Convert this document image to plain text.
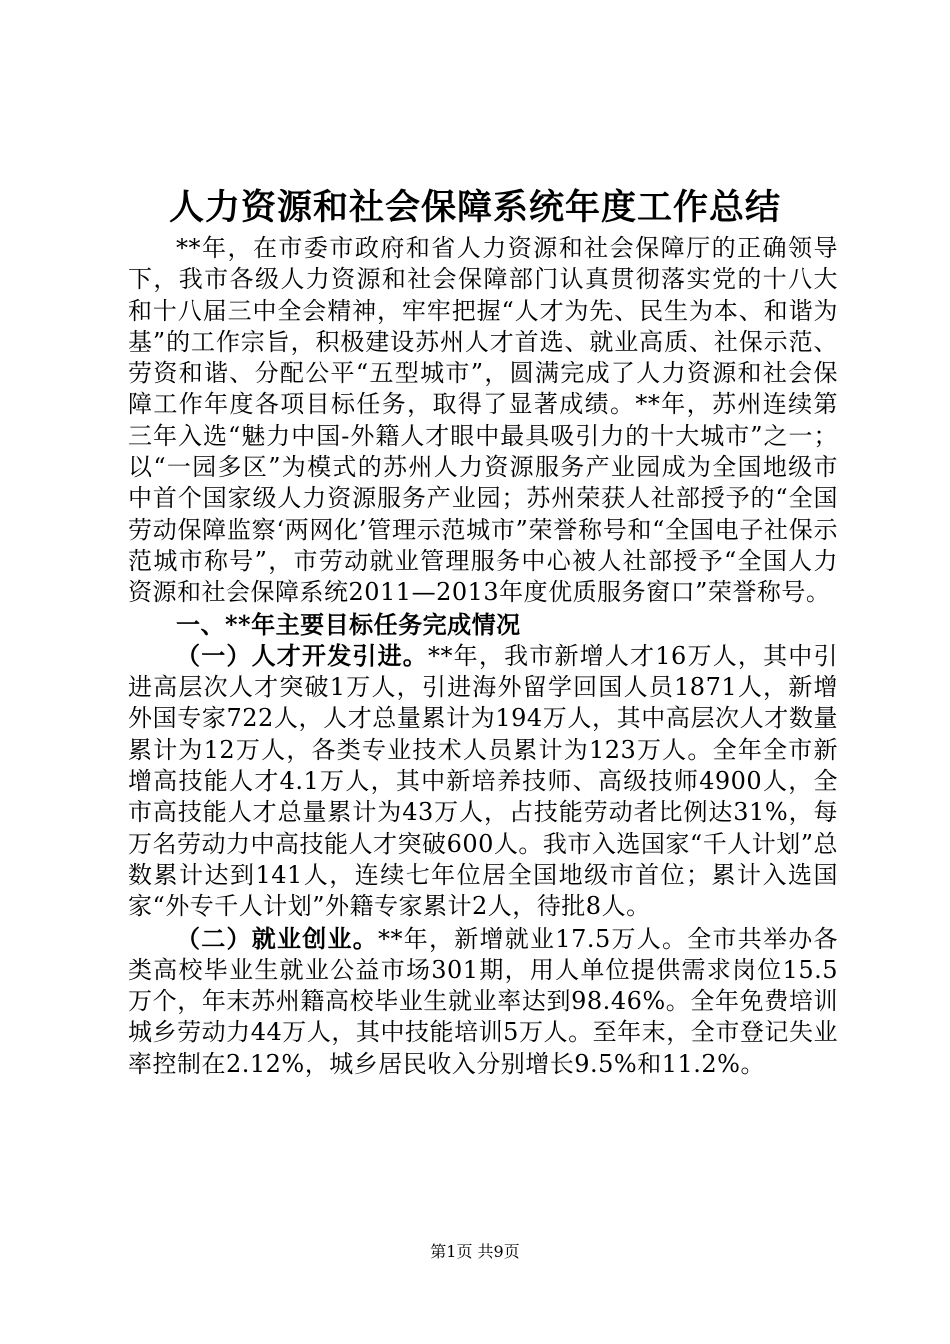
人力资源和社会保障系统年度工作总结

**年，在市委市政府和省人力资源和社会保障厅的正确领导下，我市各级人力资源和社会保障部门认真贯彻落实党的十八大和十八届三中全会精神，牢牢把握“人才为先、民生为本、和谐为基”的工作宗旨，积极建设苏州人才首选、就业高质、社保示范、劳资和谐、分配公平“五型城市”，圆满完成了人力资源和社会保障工作年度各项目标任务，取得了显著成绩。**年，苏州连续第三年入选“魅力中国-外籍人才眼中最具吸引力的十大城市”之一；以“一园多区”为模式的苏州人力资源服务产业园成为全国地级市中首个国家级人力资源服务产业园；苏州荣获人社部授予的“全国劳动保障监察‘两网化’管理示范城市”荣誉称号和“全国电子社保示范城市称号”，市劳动就业管理服务中心被人社部授予“全国人力资源和社会保障系统2011—2013年度优质服务窗口”荣誉称号。

一、**年主要目标任务完成情况

（一）人才开发引进。**年，我市新增人才16万人，其中引进高层次人才突破1万人，引进海外留学回国人员1871人，新增外国专家722人，人才总量累计为194万人，其中高层次人才数量累计为12万人，各类专业技术人员累计为123万人。全年全市新增高技能人才4.1万人，其中新培养技师、高级技师4900人，全市高技能人才总量累计为43万人，占技能劳动者比例达31%，每万名劳动力中高技能人才突破600人。我市入选国家“千人计划”总数累计达到141人，连续七年位居全国地级市首位；累计入选国家“外专千人计划”外籍专家累计2人，待批8人。

（二）就业创业。**年，新增就业17.5万人。全市共举办各类高校毕业生就业公益市场301期，用人单位提供需求岗位15.5万个，年末苏州籍高校毕业生就业率达到98.46%。全年免费培训城乡劳动力44万人，其中技能培训5万人。至年末，全市登记失业率控制在2.12%，城乡居民收入分别增长9.5%和11.2%。

第1页 共9页
